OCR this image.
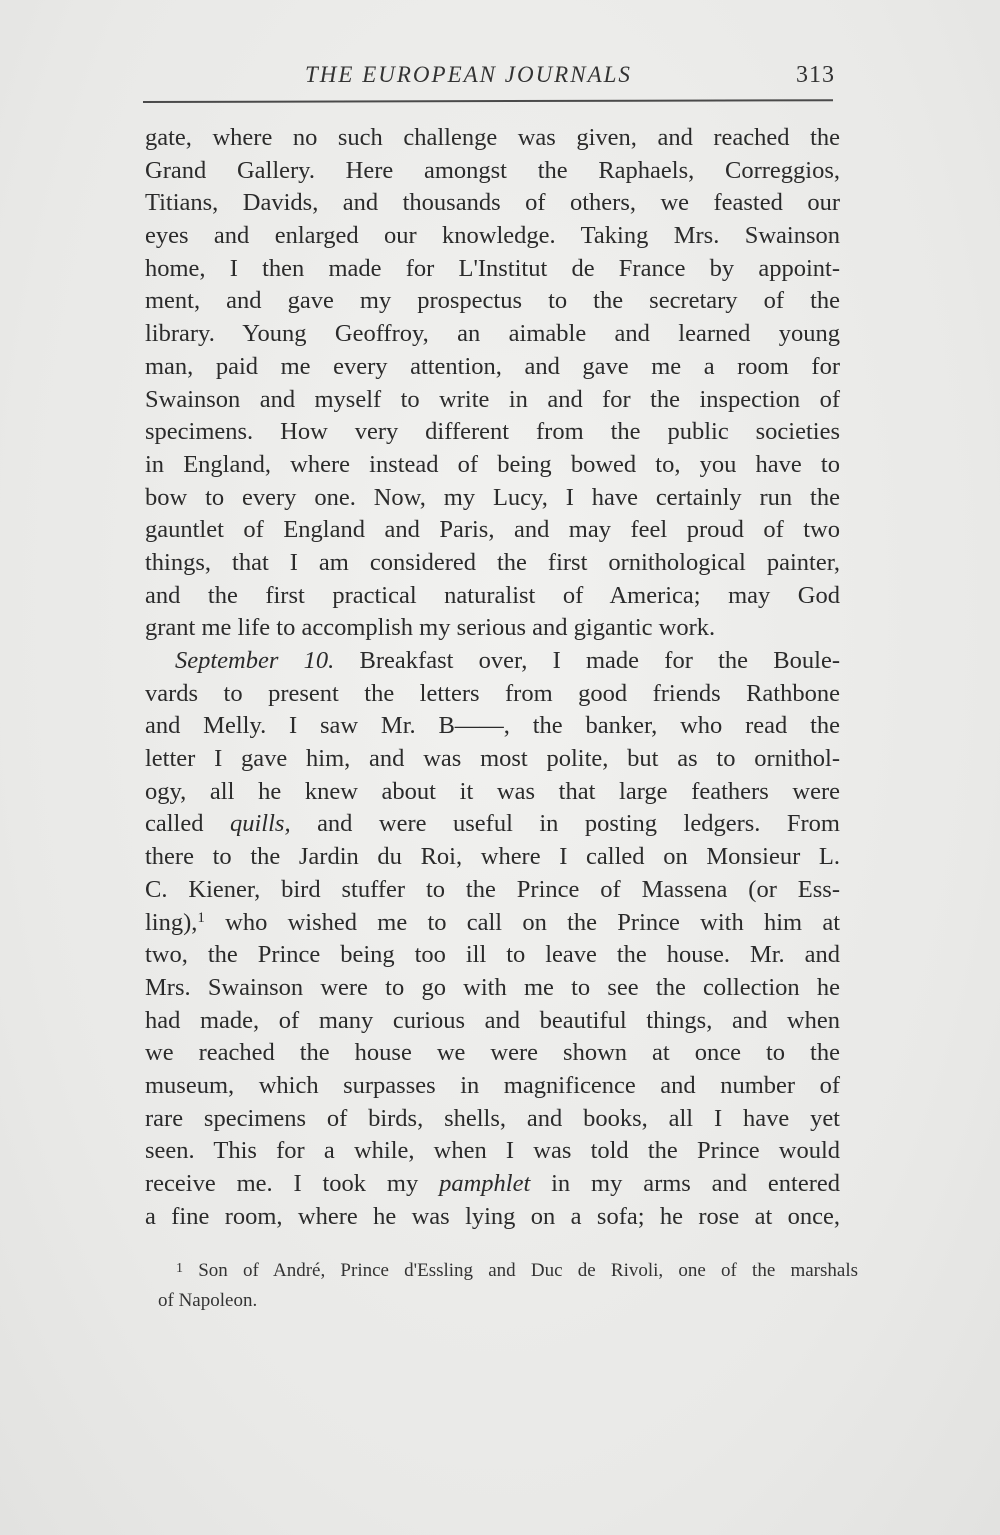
THE EUROPEAN JOURNALS	313
gate, where no such challenge was given, and reached the
Grand Gallery. Here amongst the Raphaels, Correggios,
Titians, Davids, and thousands of others, we feasted our
eyes and enlarged our knowledge. Taking Mrs. Swainson
home, I then made for L'Institut de France by appoint-
ment, and gave my prospectus to the secretary of the
library. Young Geoffroy, an aimable and learned young
man, paid me every attention, and gave me a room for
Swainson and myself to write in and for the inspection of
specimens. How very different from the public societies
in England, where instead of being bowed to, you have to
bow to every one. Now, my Lucy, I have certainly run the
gauntlet of England and Paris, and may feel proud of two
things, that I am considered the first ornithological painter,
and the first practical naturalist of America; may God
grant me life to accomplish my serious and gigantic work.
September 10. Breakfast over, I made for the Boule-
vards to present the letters from good friends Rathbone
and Melly. I saw Mr. B——, the banker, who read the
letter I gave him, and was most polite, but as to ornithol-
ogy, all he knew about it was that large feathers were
called quills, and were useful in posting ledgers. From
there to the Jardin du Roi, where I called on Monsieur L.
C. Kiener, bird stuffer to the Prince of Massena (or Ess-
ling),$^1$ who wished me to call on the Prince with him at
two, the Prince being too ill to leave the house. Mr. and
Mrs. Swainson were to go with me to see the collection he
had made, of many curious and beautiful things, and when
we reached the house we were shown at once to the
museum, which surpasses in magnificence and number of
rare specimens of birds, shells, and books, all I have yet
seen. This for a while, when I was told the Prince would
receive me. I took my pamphlet in my arms and entered
a fine room, where he was lying on a sofa; he rose at once,
$^1$ Son of André, Prince d'Essling and Duc de Rivoli, one of the marshals
of Napoleon.
